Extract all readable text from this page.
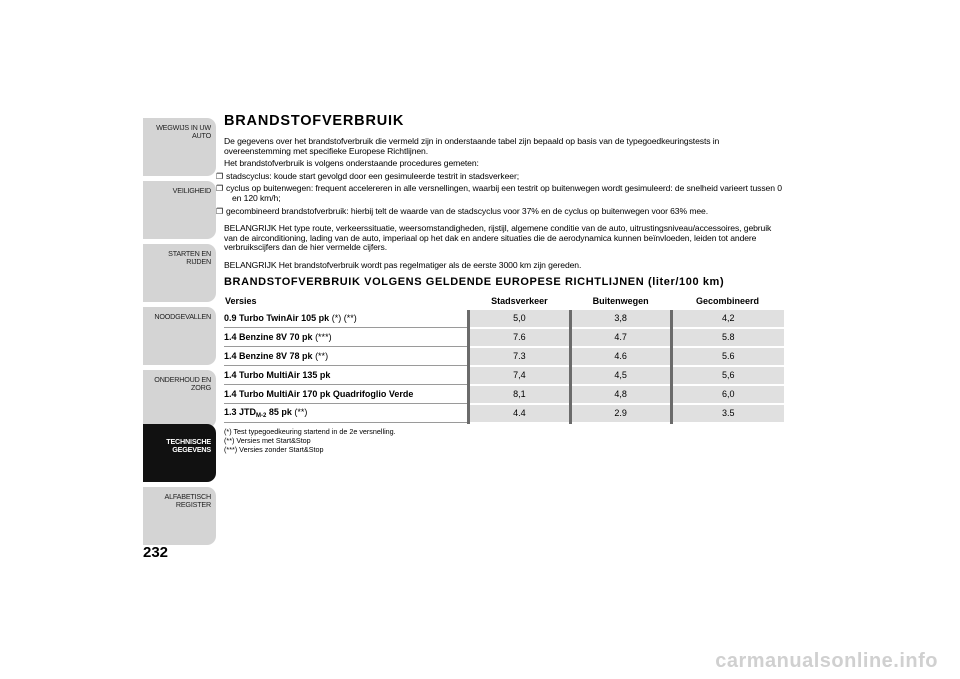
WEGWIJS IN UW AUTO
VEILIGHEID
STARTEN EN RIJDEN
NOODGEVALLEN
ONDERHOUD EN ZORG
TECHNISCHE GEGEVENS
ALFABETISCH REGISTER
232
BRANDSTOFVERBRUIK

De gegevens over het brandstofverbruik die vermeld zijn in onderstaande tabel zijn bepaald op basis van de typegoedkeuringstests in overeenstemming met specifieke Europese Richtlijnen.

Het brandstofverbruik is volgens onderstaande procedures gemeten:

❐ stadscyclus: koude start gevolgd door een gesimuleerde testrit in stadsverkeer;

❐ cyclus op buitenwegen: frequent accelereren in alle versnellingen, waarbij een testrit op buitenwegen wordt gesimuleerd: de snelheid varieert tussen 0 en 120 km/h;

❐ gecombineerd brandstofverbruik: hierbij telt de waarde van de stadscyclus voor 37% en de cyclus op buitenwegen voor 63% mee.

BELANGRIJK Het type route, verkeerssituatie, weersomstandigheden, rijstijl, algemene conditie van de auto, uitrustingsniveau/accessoires, gebruik van de airconditioning, lading van de auto, imperiaal op het dak en andere situaties die de aerodynamica kunnen beïnvloeden, leiden tot andere verbruikscijfers dan de hier vermelde cijfers.

BELANGRIJK Het brandstofverbruik wordt pas regelmatiger als de eerste 3000 km zijn gereden.

BRANDSTOFVERBRUIK VOLGENS GELDENDE EUROPESE RICHTLIJNEN (liter/100 km)
Versies	Stadsverkeer	Buitenwegen	Gecombineerd
0.9 Turbo TwinAir 105 pk (*) (**)	5,0	3,8	4,2
1.4 Benzine 8V 70 pk (***)	7.6	4.7	5.8
1.4 Benzine 8V 78 pk (**)	7.3	4.6	5.6
1.4 Turbo MultiAir 135 pk	7,4	4,5	5,6
1.4 Turbo MultiAir 170 pk Quadrifoglio Verde	8,1	4,8	6,0
1.3 $JTD_{M-2}$ 85 pk (**)	4.4	2.9	3.5
(*) Test typegoedkeuring startend in de 2e versnelling.
(**) Versies met Start&Stop
(***) Versies zonder Start&Stop
carmanualsonline.info
